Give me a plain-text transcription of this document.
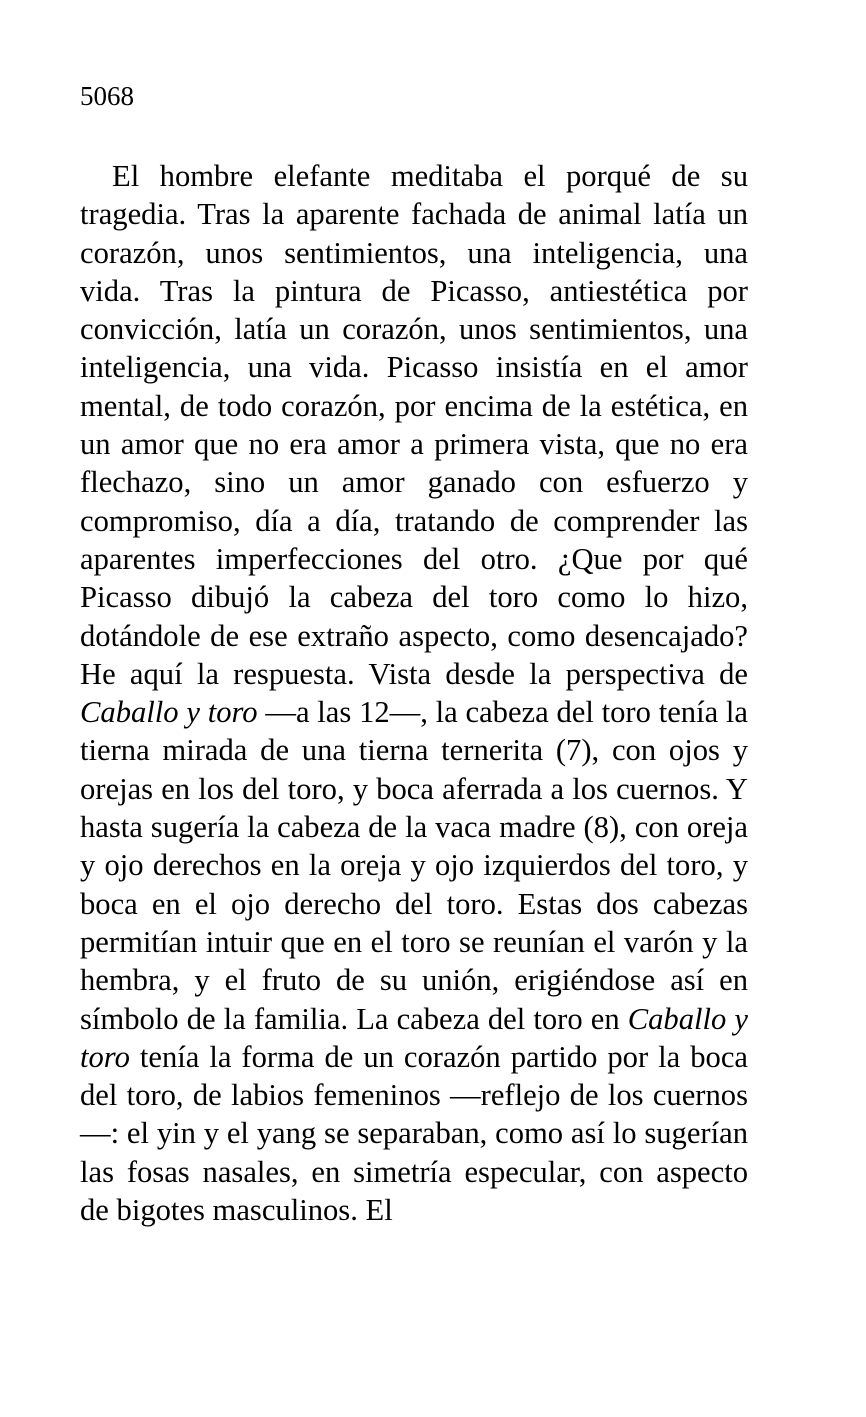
5068

El hombre elefante meditaba el porqué de su tragedia. Tras la aparente fachada de animal latía un corazón, unos sentimientos, una inteligencia, una vida. Tras la pintura de Picasso, antiestética por convicción, latía un corazón, unos sentimientos, una inteligencia, una vida. Picasso insistía en el amor mental, de todo corazón, por encima de la estética, en un amor que no era amor a primera vista, que no era flechazo, sino un amor ganado con esfuerzo y compromiso, día a día, tratando de comprender las aparentes imperfecciones del otro. ¿Que por qué Picasso dibujó la cabeza del toro como lo hizo, dotándole de ese extraño aspecto, como desencajado? He aquí la respuesta. Vista desde la perspectiva de Caballo y toro —a las 12—, la cabeza del toro tenía la tierna mirada de una tierna ternerita (7), con ojos y orejas en los del toro, y boca aferrada a los cuernos. Y hasta sugería la cabeza de la vaca madre (8), con oreja y ojo derechos en la oreja y ojo izquierdos del toro, y boca en el ojo derecho del toro. Estas dos cabezas permitían intuir que en el toro se reunían el varón y la hembra, y el fruto de su unión, erigiéndose así en símbolo de la familia. La cabeza del toro en Caballo y toro tenía la forma de un corazón partido por la boca del toro, de labios femeninos —reflejo de los cuernos—: el yin y el yang se separaban, como así lo sugerían las fosas nasales, en simetría especular, con aspecto de bigotes masculinos. El
